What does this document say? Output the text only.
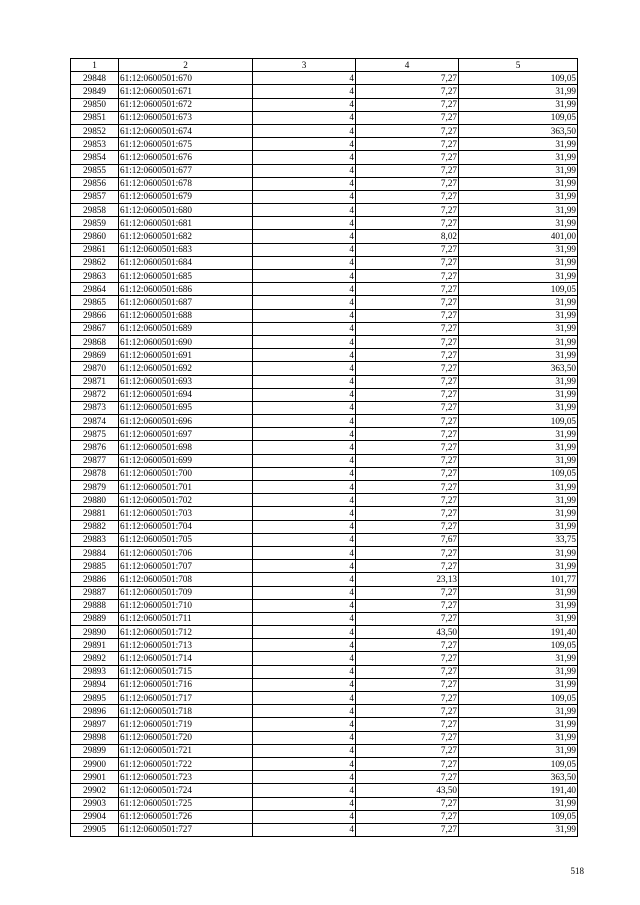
1	2	3	4	5
29848	61:12:0600501:670	4	7,27	109,05
29849	61:12:0600501:671	4	7,27	31,99
29850	61:12:0600501:672	4	7,27	31,99
29851	61:12:0600501:673	4	7,27	109,05
29852	61:12:0600501:674	4	7,27	363,50
29853	61:12:0600501:675	4	7,27	31,99
29854	61:12:0600501:676	4	7,27	31,99
29855	61:12:0600501:677	4	7,27	31,99
29856	61:12:0600501:678	4	7,27	31,99
29857	61:12:0600501:679	4	7,27	31,99
29858	61:12:0600501:680	4	7,27	31,99
29859	61:12:0600501:681	4	7,27	31,99
29860	61:12:0600501:682	4	8,02	401,00
29861	61:12:0600501:683	4	7,27	31,99
29862	61:12:0600501:684	4	7,27	31,99
29863	61:12:0600501:685	4	7,27	31,99
29864	61:12:0600501:686	4	7,27	109,05
29865	61:12:0600501:687	4	7,27	31,99
29866	61:12:0600501:688	4	7,27	31,99
29867	61:12:0600501:689	4	7,27	31,99
29868	61:12:0600501:690	4	7,27	31,99
29869	61:12:0600501:691	4	7,27	31,99
29870	61:12:0600501:692	4	7,27	363,50
29871	61:12:0600501:693	4	7,27	31,99
29872	61:12:0600501:694	4	7,27	31,99
29873	61:12:0600501:695	4	7,27	31,99
29874	61:12:0600501:696	4	7,27	109,05
29875	61:12:0600501:697	4	7,27	31,99
29876	61:12:0600501:698	4	7,27	31,99
29877	61:12:0600501:699	4	7,27	31,99
29878	61:12:0600501:700	4	7,27	109,05
29879	61:12:0600501:701	4	7,27	31,99
29880	61:12:0600501:702	4	7,27	31,99
29881	61:12:0600501:703	4	7,27	31,99
29882	61:12:0600501:704	4	7,27	31,99
29883	61:12:0600501:705	4	7,67	33,75
29884	61:12:0600501:706	4	7,27	31,99
29885	61:12:0600501:707	4	7,27	31,99
29886	61:12:0600501:708	4	23,13	101,77
29887	61:12:0600501:709	4	7,27	31,99
29888	61:12:0600501:710	4	7,27	31,99
29889	61:12:0600501:711	4	7,27	31,99
29890	61:12:0600501:712	4	43,50	191,40
29891	61:12:0600501:713	4	7,27	109,05
29892	61:12:0600501:714	4	7,27	31,99
29893	61:12:0600501:715	4	7,27	31,99
29894	61:12:0600501:716	4	7,27	31,99
29895	61:12:0600501:717	4	7,27	109,05
29896	61:12:0600501:718	4	7,27	31,99
29897	61:12:0600501:719	4	7,27	31,99
29898	61:12:0600501:720	4	7,27	31,99
29899	61:12:0600501:721	4	7,27	31,99
29900	61:12:0600501:722	4	7,27	109,05
29901	61:12:0600501:723	4	7,27	363,50
29902	61:12:0600501:724	4	43,50	191,40
29903	61:12:0600501:725	4	7,27	31,99
29904	61:12:0600501:726	4	7,27	109,05
29905	61:12:0600501:727	4	7,27	31,99
518
